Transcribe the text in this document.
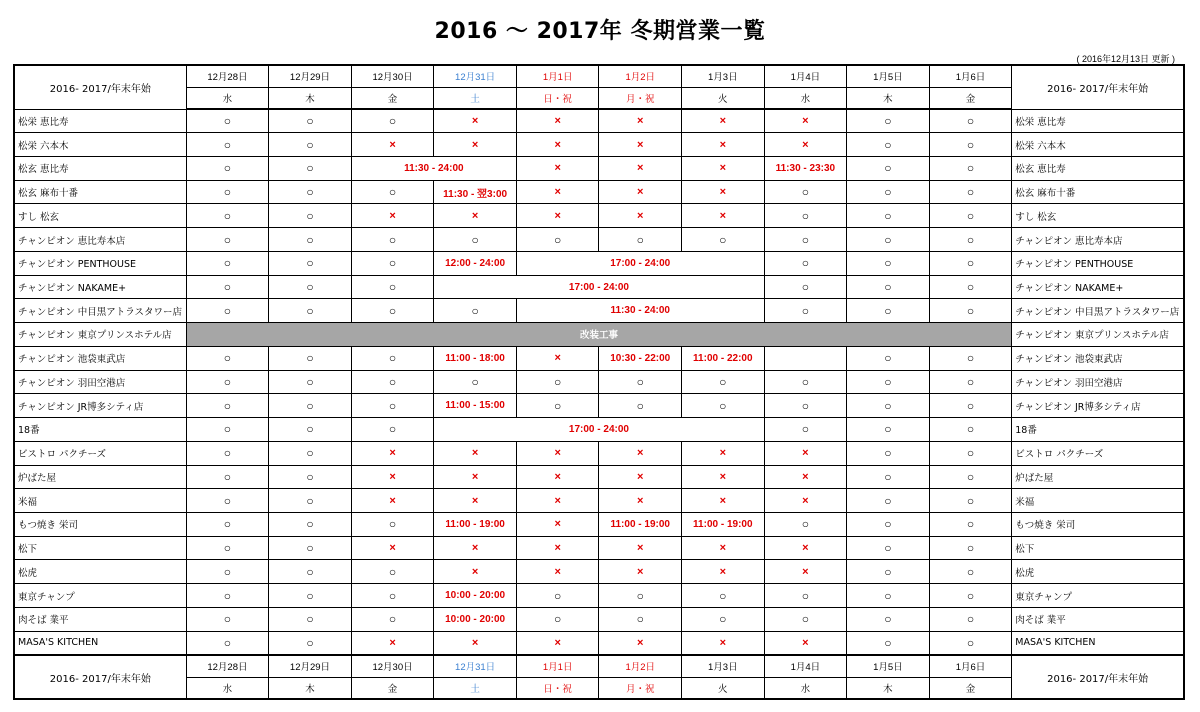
2016 ～ 2017年 冬期営業一覧
( 2016年12月13日 更新 )
2016- 2017/年末年始	12月28日	12月29日	12月30日	12月31日	1月1日	1月2日	1月3日	1月4日	1月5日	1月6日	2016- 2017/年末年始
	水	木	金	土	日・祝	月・祝	火	水	木	金	
松栄 恵比寿	○	○	○	×	×	×	×	×	○	○	松栄 恵比寿
松栄 六本木	○	○	×	×	×	×	×	×	○	○	松栄 六本木
松玄 恵比寿	○	○	11:30 - 24:00		×	×	×	11:30 - 23:30	○	○	松玄 恵比寿
松玄 麻布十番	○	○	○	11:30 - 翌3:00	×	×	×	○	○	○	松玄 麻布十番
すし 松玄	○	○	×	×	×	×	×	○	○	○	すし 松玄
チャンピオン 恵比寿本店	○	○	○	○	○	○	○	○	○	○	チャンピオン 恵比寿本店
チャンピオン PENTHOUSE	○	○	○	12:00 - 24:00	17:00 - 24:00			○	○	○	チャンピオン PENTHOUSE
チャンピオン NAKAME+	○	○	○	17:00 - 24:00				○	○	○	チャンピオン NAKAME+
チャンピオン 中目黒アトラスタワー店	○	○	○	○	11:30 - 24:00			○	○	○	チャンピオン 中目黒アトラスタワー店
チャンピオン 東京プリンスホテル店	改装工事										チャンピオン 東京プリンスホテル店
チャンピオン 池袋東武店	○	○	○	11:00 - 18:00	×	10:30 - 22:00	11:00 - 22:00		○	○	チャンピオン 池袋東武店
チャンピオン 羽田空港店	○	○	○	○	○	○	○	○	○	○	チャンピオン 羽田空港店
チャンピオン JR博多シティ店	○	○	○	11:00 - 15:00	○	○	○	○	○	○	チャンピオン JR博多シティ店
18番	○	○	○	17:00 - 24:00				○	○	○	18番
ビストロ パクチーズ	○	○	×	×	×	×	×	×	○	○	ビストロ パクチーズ
炉ばた屋	○	○	×	×	×	×	×	×	○	○	炉ばた屋
米福	○	○	×	×	×	×	×	×	○	○	米福
もつ焼き 栄司	○	○	○	11:00 - 19:00	×	11:00 - 19:00	11:00 - 19:00	○	○	○	もつ焼き 栄司
松下	○	○	×	×	×	×	×	×	○	○	松下
松虎	○	○	○	×	×	×	×	×	○	○	松虎
東京チャンプ	○	○	○	10:00 - 20:00	○	○	○	○	○	○	東京チャンプ
肉そば 業平	○	○	○	10:00 - 20:00	○	○	○	○	○	○	肉そば 業平
MASA'S KITCHEN	○	○	×	×	×	×	×	×	○	○	MASA'S KITCHEN
2016- 2017/年末年始	12月28日	12月29日	12月30日	12月31日	1月1日	1月2日	1月3日	1月4日	1月5日	1月6日	2016- 2017/年末年始
	水	木	金	土	日・祝	月・祝	火	水	木	金	
